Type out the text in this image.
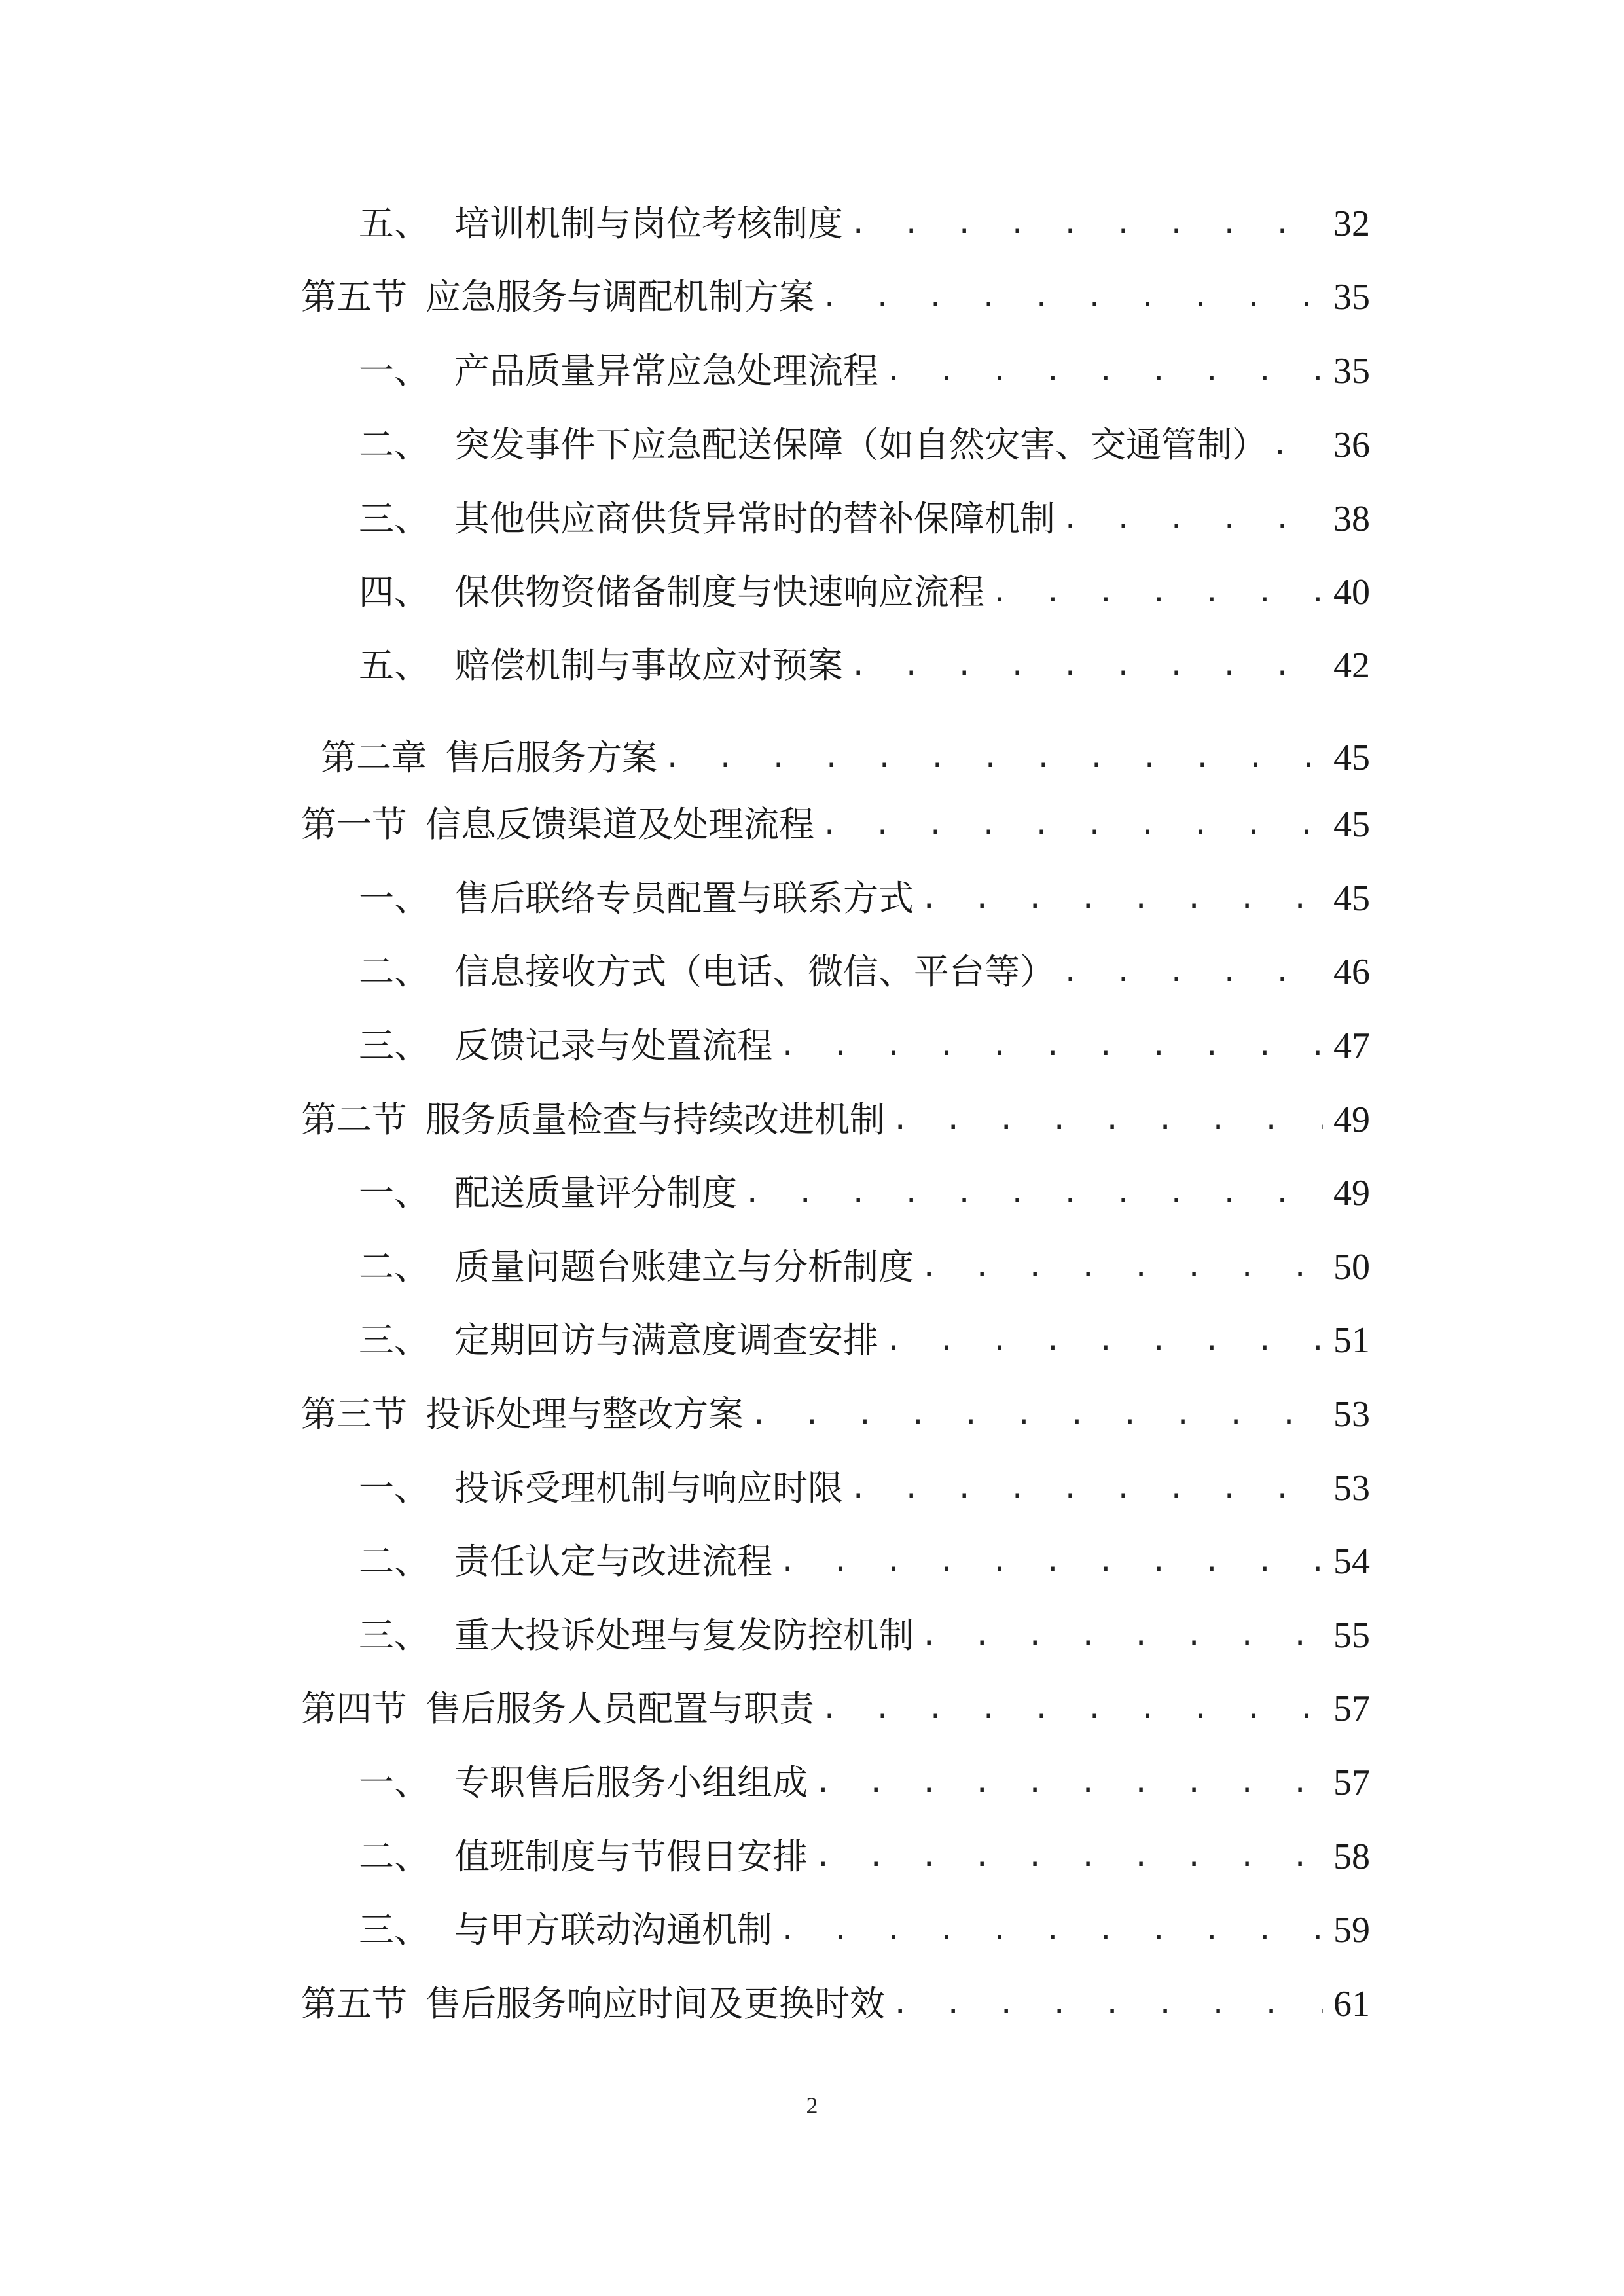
五、 培训机制与岗位考核制度 . . .	32
第五节 应急服务与调配机制方案 . . .	35
一、 产品质量异常应急处理流程 . . .	35
二、 突发事件下应急配送保障（如自然灾害、交通管制） . . . 36
三、 其他供应商供货异常时的替补保障机制 . . .	38
四、 保供物资储备制度与快速响应流程 . . .	40
五、 赔偿机制与事故应对预案 . . .	42
第二章 售后服务方案 . . .	45
第一节 信息反馈渠道及处理流程 . . .	45
一、 售后联络专员配置与联系方式 . . .	45
二、 信息接收方式（电话、微信、平台等） . . .	46
三、 反馈记录与处置流程 . . .	47
第二节 服务质量检查与持续改进机制 . . .	49
一、 配送质量评分制度 . . .	49
二、 质量问题台账建立与分析制度 . . .	50
三、 定期回访与满意度调查安排 . . .	51
第三节 投诉处理与整改方案 . . .	53
一、 投诉受理机制与响应时限 . . .	53
二、 责任认定与改进流程 . . .	54
三、 重大投诉处理与复发防控机制 . . .	55
第四节 售后服务人员配置与职责 . . .	57
一、 专职售后服务小组组成 . . .	57
二、 值班制度与节假日安排 . . .	58
三、 与甲方联动沟通机制 . . .	59
第五节 售后服务响应时间及更换时效 . . .	61
2
